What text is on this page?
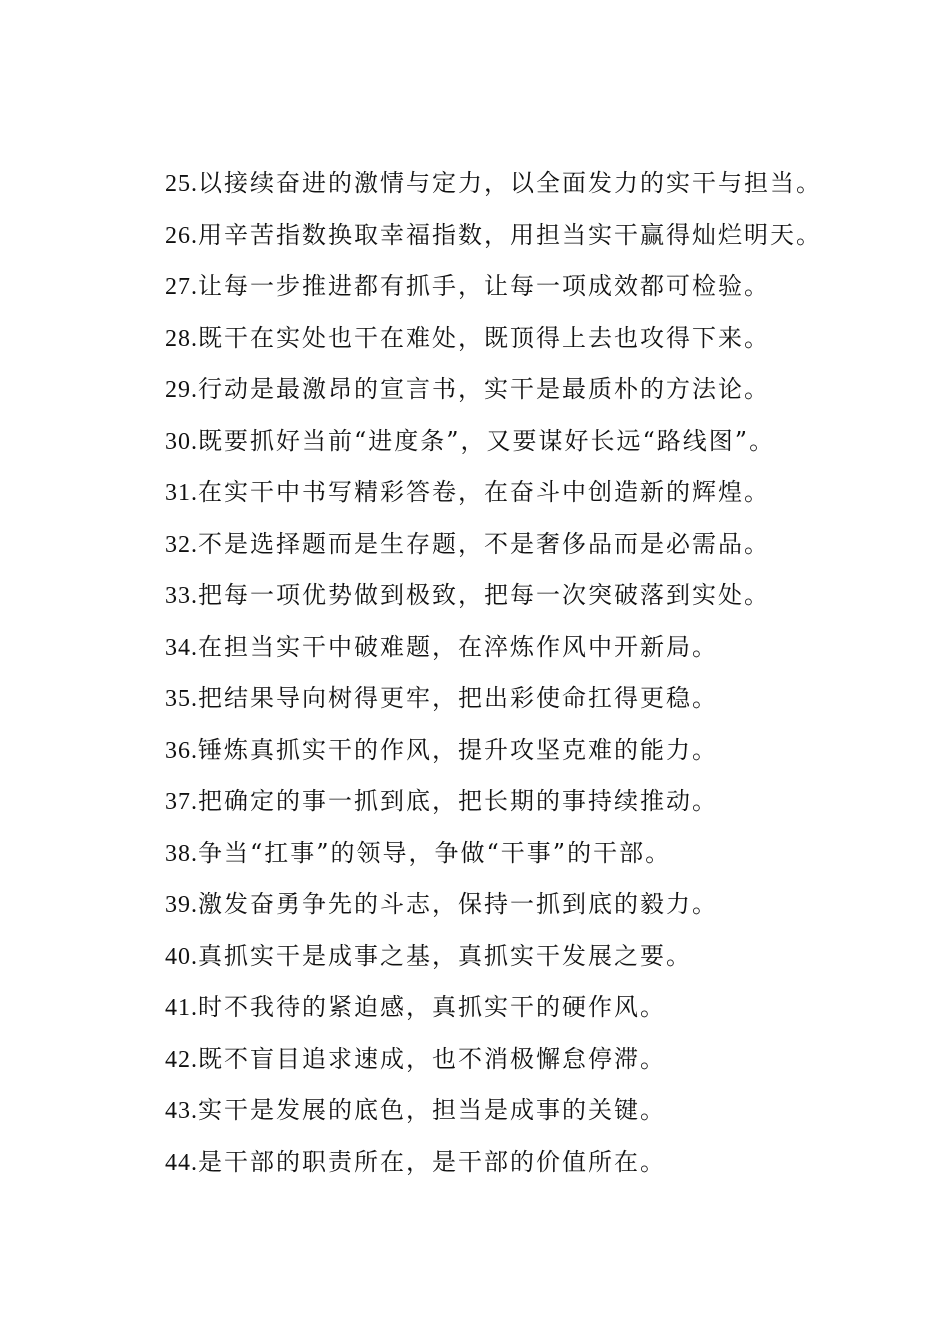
25.以接续奋进的激情与定力，以全面发力的实干与担当。
26.用辛苦指数换取幸福指数，用担当实干赢得灿烂明天。
27.让每一步推进都有抓手，让每一项成效都可检验。
28.既干在实处也干在难处，既顶得上去也攻得下来。
29.行动是最激昂的宣言书，实干是最质朴的方法论。
30.既要抓好当前“进度条”，又要谋好长远“路线图”。
31.在实干中书写精彩答卷，在奋斗中创造新的辉煌。
32.不是选择题而是生存题，不是奢侈品而是必需品。
33.把每一项优势做到极致，把每一次突破落到实处。
34.在担当实干中破难题，在淬炼作风中开新局。
35.把结果导向树得更牢，把出彩使命扛得更稳。
36.锤炼真抓实干的作风，提升攻坚克难的能力。
37.把确定的事一抓到底，把长期的事持续推动。
38.争当“扛事”的领导，争做“干事”的干部。
39.激发奋勇争先的斗志，保持一抓到底的毅力。
40.真抓实干是成事之基，真抓实干发展之要。
41.时不我待的紧迫感，真抓实干的硬作风。
42.既不盲目追求速成，也不消极懈怠停滞。
43.实干是发展的底色，担当是成事的关键。
44.是干部的职责所在，是干部的价值所在。
